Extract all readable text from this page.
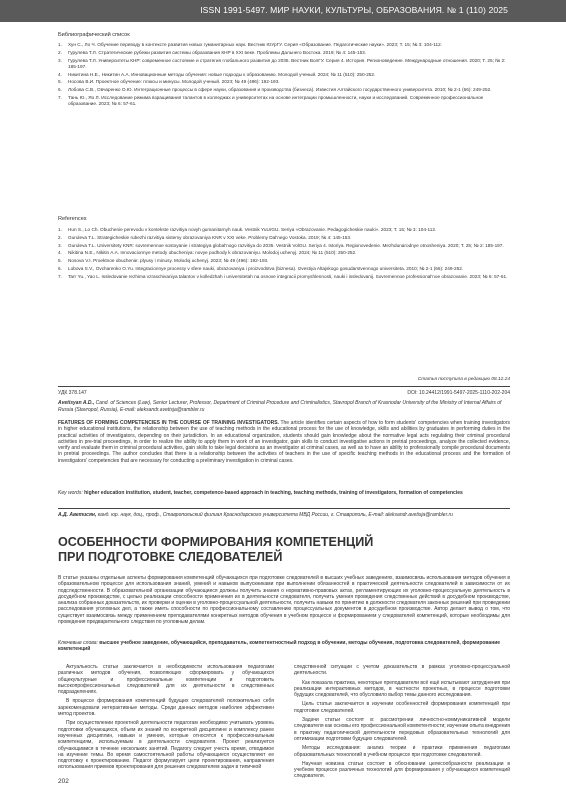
ISSN 1991-5497. МИР НАУКИ, КУЛЬТУРЫ, ОБРАЗОВАНИЯ. № 1 (110) 2025
Библиографический список
1. Хун С., Ло Ч. Обучение переводу в контексте развития новых гуманитарных наук. Вестник ЮУрГУ. Серия «Образование. Педагогические науки». 2023; Т. 15; № 3: 104-112.
2. Гурулева Т.Л. Стратегические рубежи развития системы образования КНР в XXI веке. Проблемы Дальнего Востока. 2019; № 4: 145-153.
3. Гурулева Т.Л. Университеты КНР: современное состояние и стратегия глобального развития до 2035. Вестник ВолГУ. Серия 4. История. Регионоведение. Международные отношения. 2020; Т. 25; № 2: 185-197.
4. Никитина Н.Е., Никитин А.А. Инновационные методы обучения: новые подходы к образованию. Молодой ученый. 2024; № 11 (510): 250-252.
5. Носова В.И. Проектное обучение: плюсы и минусы. Молодой ученый. 2023; № 49 (496): 192-193.
6. Лобова С.В., Овчаренко О.Ю. Интеграционные процессы в сфере науки, образования и производства (бизнеса). Известия Алтайского государственного университета. 2010; № 2-1 (66): 249-252.
7. Тань Ю., Яо Л. Исследование режима взращивания талантов в колледжах и университетах на основе интеграции промышленности, науки и исследований. Современное профессиональное образование. 2023; № 6: 57-61.
References
1. Hun S., Lo Ch. Obuchenie perevodu v kontekste razvitiya novyh gumanitarnyh nauk. Vestnik YuUrGU. Seriya «Obrazovanie. Pedagogicheskie nauki». 2023; T. 15; № 3: 104-112.
2. Guruleva T.L. Strategicheskie rubezhi razvitiya sistemy obrazovaniya KNR v XXI veke. Problemy Dal'nego Vostoka. 2019; № 4: 145-153.
3. Guruleva T.L. Universitety KNR: sovremennoe sostoyanie i strategiya global'nogo razvitiya do 2035. Vestnik VolGU. Seriya 4. Istoriya. Regionovedenie. Mezhdunarodnye otnosheniya. 2020; T. 25; № 2: 185-197.
4. Nikitina N.E., Nikitin A.A. Innovacionnye metody obucheniya: novye podhody k obrazovaniyu. Molodoj uchenyj. 2024; № 11 (510): 250-252.
5. Nosova V.I. Proektnoe obuchenie: plyusy i minusy. Molodoj uchenyj. 2023; № 49 (496): 192-193.
6. Lobova S.V., Ovcharenko O.Yu. Integracionnye processy v sfere nauki, obrazovaniya i proizvodstva (biznesa). Izvestiya Altajskogo gosudarstvennogo universiteta. 2010; № 2-1 (66): 249-252.
7. Tan' Yu., Yao L. Issledovanie rezhima vzraschivaniya talantov v kolledzhah i universitetah na osnove integracii promyshlennosti, nauki i issledovanij. Sovremennoe professional'noe obrazovanie. 2023; № 6: 57-61.
Статья поступила в редакцию 08.12.24
УДК 378.147	DOI: 10.24412/1991-5497-2025-1110-202-204
Avetisyan A.D., Cand. of Sciences (Law), Senior Lecturer, Professor, Department of Criminal Procedure and Criminalistics, Stavropol Branch of Krasnodar University of the Ministry of Internal Affairs of Russia (Stavropol, Russia), E-mail: aleksandr.avetisja@rambler.ru
FEATURES OF FORMING COMPETENCIES IN THE COURSE OF TRAINING INVESTIGATORS. The article identifies certain aspects of how to form students' competencies when training investigators in higher educational institutions, the relationship between the use of teaching methods in the educational process for the use of knowledge, skills and abilities by graduates in performing duties in the practical activities of investigators, depending on their jurisdiction. In an educational organization, students should gain knowledge about the normative legal acts regulating their criminal procedural activities in pre-trial proceedings, in order to realize the ability to apply them in work of an investigator, gain skills to conduct investigative actions in pretrial proceedings, analyze the collected evidence, verify and evaluate them in criminal procedural activities, gain skills to take legal decisions as an investigator at criminal cases, as well as to have an ability to professionally compile procedural documents in pretrial proceedings. The author concludes that there is a relationship between the activities of teachers in the use of specific teaching methods in the educational process and the formation of investigators' competencies that are necessary for conducting a preliminary investigation in criminal cases.
Key words: higher education institution, student, teacher, competence-based approach in teaching, teaching methods, training of investigators, formation of competencies
А.Д. Аветисян, канд. юр. наук, доц., проф., Ставропольский филиал Краснодарского университета МВД России, г. Ставрополь, E-mail: aleksandr.avetisja@rambler.ru
ОСОБЕННОСТИ ФОРМИРОВАНИЯ КОМПЕТЕНЦИЙ
ПРИ ПОДГОТОВКЕ СЛЕДОВАТЕЛЕЙ
В статье указаны отдельные аспекты формирования компетенций обучающихся при подготовке следователей в высших учебных заведениях, взаимосвязь использования методов обучения в образовательном процессе для использования знаний, умений и навыков выпускниками при выполнении обязанностей в практической деятельности следователей в зависимости от их подследственности. В образовательной организации обучающиеся должны получить знания о нормативно-правовых актах, регламентирующих их уголовно-процессуальную деятельность в досудебном производстве, с целью реализации способности применения их в деятельности следователя, получить умения проведения следственных действий в досудебном производстве, анализа собранных доказательств, их проверки и оценки в уголовно-процессуальной деятельности, получить навыки по принятию в должности следователя законных решений при проведении расследования уголовных дел, а также иметь способности по профессиональному составлению процессуальных документов в досудебном производстве. Автор делает вывод о том, что существует взаимосвязь между применением преподавателями конкретных методов обучения в учебном процессе и формированием у следователей компетенций, которые необходимы для проведения предварительного следствия по уголовным делам.
Ключевые слова: высшее учебное заведение, обучающийся, преподаватель, компетентностный подход в обучении, методы обучения, подготовка следователей, формирование компетенций

Актуальность статьи заключается в необходимости использования педагогами различных методов обучения, позволяющих сформировать у обучающихся общекультурные и профессиональные компетенции и подготовить высокопрофессиональных следователей для их деятельности в следственных подразделениях.

В процессе формирования компетенций будущих следователей положительно себя зарекомендовали интерактивные методы. Среди данных методов наиболее эффективен метод проектов.

При осуществлении проектной деятельности педагогам необходимо учитывать уровень подготовки обучающихся, объем их знаний по конкретной дисциплине и комплексу ранее изученных дисциплин, навыки и умения, которые относятся к профессиональным компетенциям, используемым в деятельности следователя. Проект реализуется обучающимися в течение нескольких занятий. Педагогу следует учесть время, отводимое на изучение темы. Во время самостоятельной работы обучающиеся осуществляют ее подготовку к проектированию. Педагог формулирует цели проектирования, направления использования приемов проектирования для решения следователем задач в типичной

следственной ситуации с учетом доказательств в рамках уголовно-процессуальной деятельности.

Как показала практика, некоторые преподаватели всё ещё испытывают затруднения при реализации интерактивных методов, в частности проектных, в процессе подготовки будущих следователей, что обусловило выбор темы данного исследования.

Цель статьи заключается в изучении особенностей формирования компетенций при подготовке следователей.

Задачи статьи состоят в: рассмотрении личностно-коммуникативной модели следователя как основы его профессиональной компетентности; изучении опыта внедрения в практику педагогической деятельности передовых образовательных технологий для оптимизации подготовки будущих следователей.

Методы исследования: анализ теории и практики применения педагогами образовательных технологий в учебном процессе при подготовке следователей.

Научная новизна статьи состоит в обосновании целесообразности реализации в учебном процессе различных технологий для формирования у обучающихся компетенций следователя.

202
